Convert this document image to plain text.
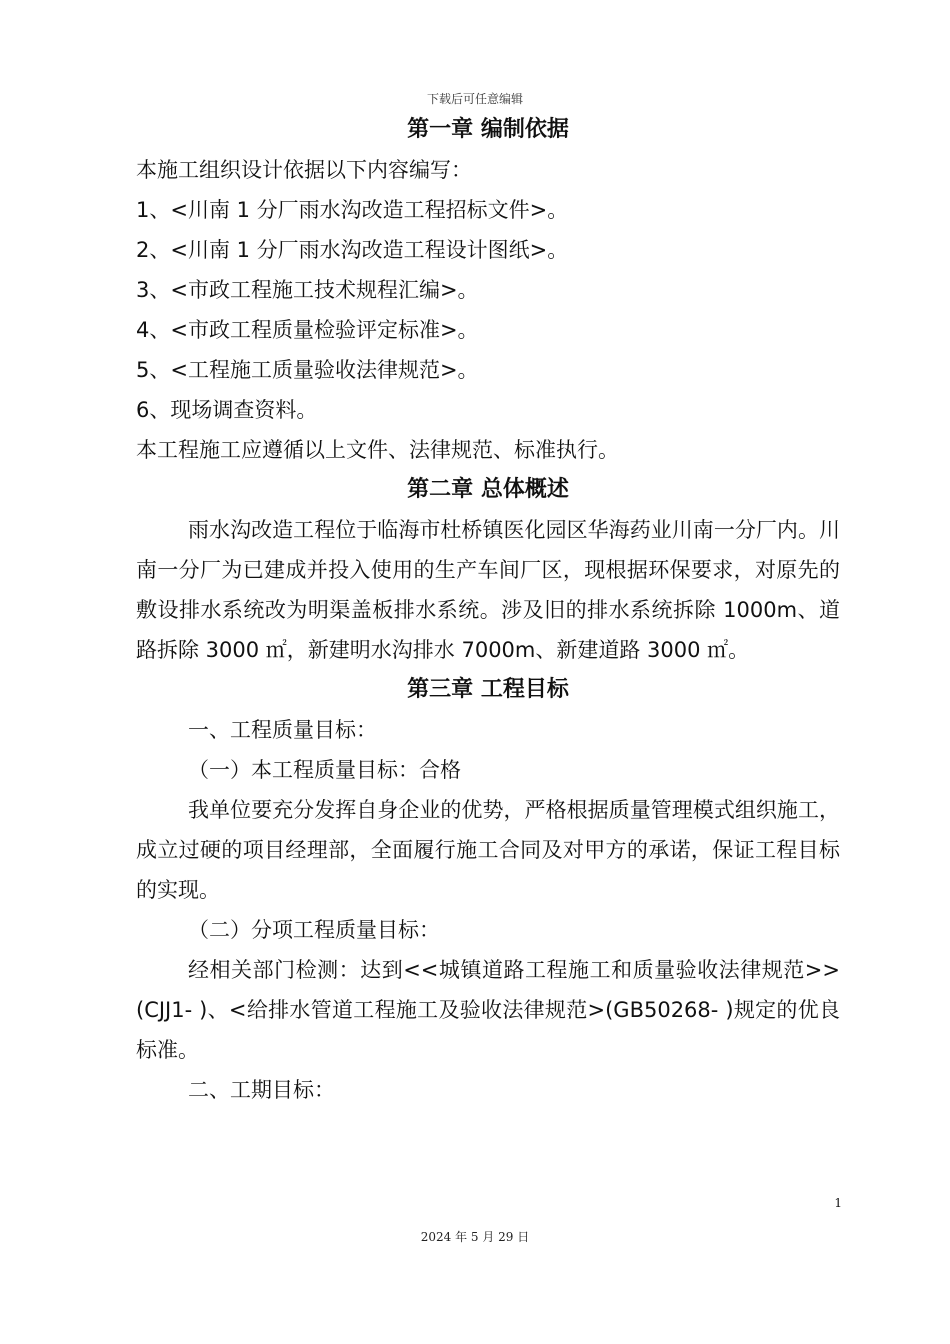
下载后可任意编辑
第一章 编制依据

本施工组织设计依据以下内容编写：

1、<川南 1 分厂雨水沟改造工程招标文件>。

2、<川南 1 分厂雨水沟改造工程设计图纸>。

3、<市政工程施工技术规程汇编>。

4、<市政工程质量检验评定标准>。

5、<工程施工质量验收法律规范>。

6、现场调查资料。

本工程施工应遵循以上文件、法律规范、标准执行。

第二章 总体概述

雨水沟改造工程位于临海市杜桥镇医化园区华海药业川南一分厂内。川南一分厂为已建成并投入使用的生产车间厂区，现根据环保要求，对原先的敷设排水系统改为明渠盖板排水系统。涉及旧的排水系统拆除 1000m、道路拆除 3000 ㎡，新建明水沟排水 7000m、新建道路 3000 ㎡。

第三章 工程目标

一、工程质量目标：

（一）本工程质量目标：合格

我单位要充分发挥自身企业的优势，严格根据质量管理模式组织施工，成立过硬的项目经理部，全面履行施工合同及对甲方的承诺，保证工程目标的实现。

（二）分项工程质量目标：

经相关部门检测：达到<<城镇道路工程施工和质量验收法律规范>>(CJJ1- )、<给排水管道工程施工及验收法律规范>(GB50268- )规定的优良标准。

二、工期目标：

1
2024 年 5 月 29 日
